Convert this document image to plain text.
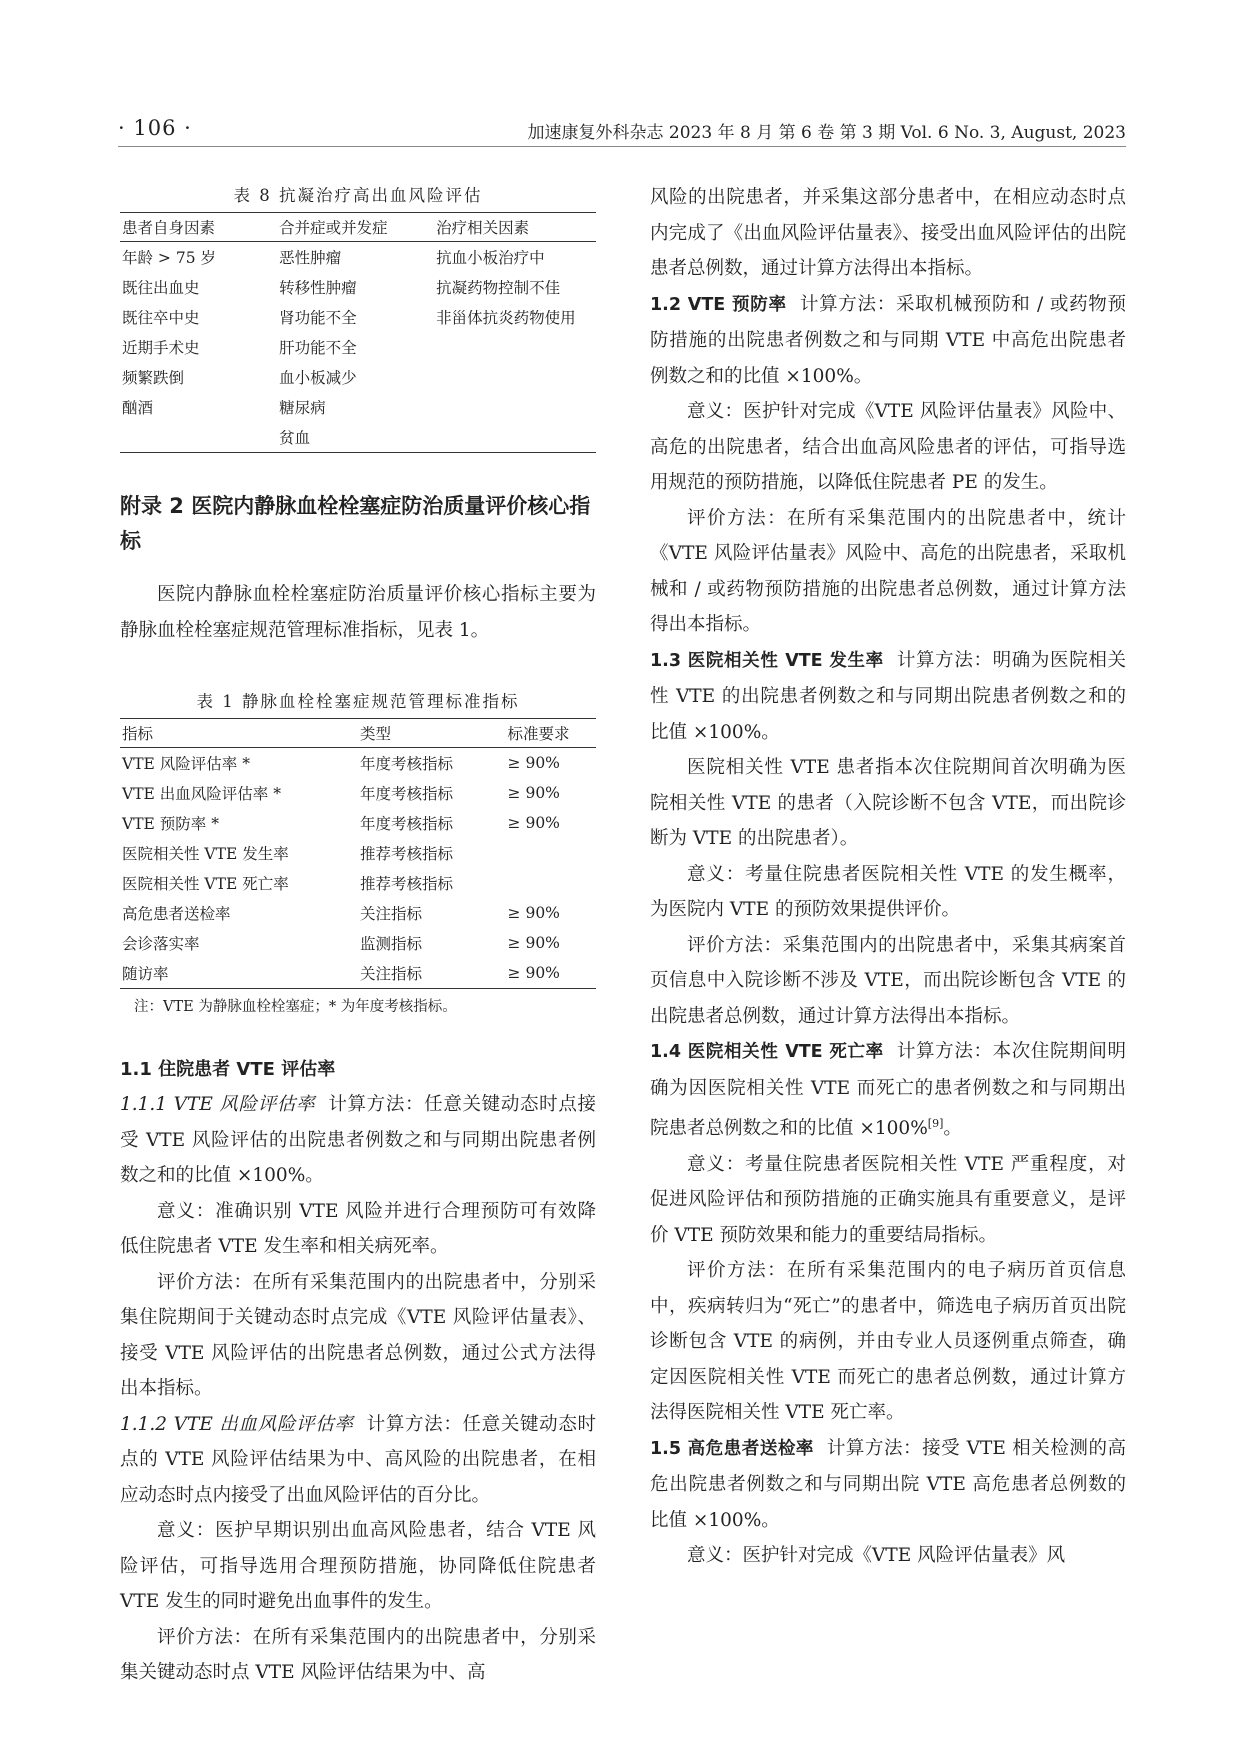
· 106 ·	加速康复外科杂志 2023 年 8 月 第 6 卷 第 3 期 Vol. 6 No. 3, August, 2023
表 8 抗凝治疗高出血风险评估
患者自身因素	合并症或并发症	治疗相关因素
年龄 > 75 岁	恶性肿瘤	抗血小板治疗中
既往出血史	转移性肿瘤	抗凝药物控制不佳
既往卒中史	肾功能不全	非甾体抗炎药物使用
近期手术史	肝功能不全	
频繁跌倒	血小板减少	
酗酒	糖尿病	
	贫血	
附录 2 医院内静脉血栓栓塞症防治质量评价核心指标

医院内静脉血栓栓塞症防治质量评价核心指标主要为静脉血栓栓塞症规范管理标准指标，见表 1。

表 1 静脉血栓栓塞症规范管理标准指标
指标	类型	标准要求
VTE 风险评估率 *	年度考核指标	≥ 90%
VTE 出血风险评估率 *	年度考核指标	≥ 90%
VTE 预防率 *	年度考核指标	≥ 90%
医院相关性 VTE 发生率	推荐考核指标	
医院相关性 VTE 死亡率	推荐考核指标	
高危患者送检率	关注指标	≥ 90%
会诊落实率	监测指标	≥ 90%
随访率	关注指标	≥ 90%
注：VTE 为静脉血栓栓塞症；* 为年度考核指标。
1.1 住院患者 VTE 评估率

1.1.1 VTE 风险评估率 计算方法：任意关键动态时点接受 VTE 风险评估的出院患者例数之和与同期出院患者例数之和的比值 ×100%。

意义：准确识别 VTE 风险并进行合理预防可有效降低住院患者 VTE 发生率和相关病死率。

评价方法：在所有采集范围内的出院患者中，分别采集住院期间于关键动态时点完成《VTE 风险评估量表》、接受 VTE 风险评估的出院患者总例数，通过公式方法得出本指标。

1.1.2 VTE 出血风险评估率 计算方法：任意关键动态时点的 VTE 风险评估结果为中、高风险的出院患者，在相应动态时点内接受了出血风险评估的百分比。

意义：医护早期识别出血高风险患者，结合 VTE 风险评估，可指导选用合理预防措施，协同降低住院患者 VTE 发生的同时避免出血事件的发生。

评价方法：在所有采集范围内的出院患者中，分别采集关键动态时点 VTE 风险评估结果为中、高

风险的出院患者，并采集这部分患者中，在相应动态时点内完成了《出血风险评估量表》、接受出血风险评估的出院患者总例数，通过计算方法得出本指标。

1.2 VTE 预防率 计算方法：采取机械预防和 / 或药物预防措施的出院患者例数之和与同期 VTE 中高危出院患者例数之和的比值 ×100%。

意义：医护针对完成《VTE 风险评估量表》风险中、高危的出院患者，结合出血高风险患者的评估，可指导选用规范的预防措施，以降低住院患者 PE 的发生。

评价方法：在所有采集范围内的出院患者中，统计《VTE 风险评估量表》风险中、高危的出院患者，采取机械和 / 或药物预防措施的出院患者总例数，通过计算方法得出本指标。

1.3 医院相关性 VTE 发生率 计算方法：明确为医院相关性 VTE 的出院患者例数之和与同期出院患者例数之和的比值 ×100%。

医院相关性 VTE 患者指本次住院期间首次明确为医院相关性 VTE 的患者（入院诊断不包含 VTE，而出院诊断为 VTE 的出院患者）。

意义：考量住院患者医院相关性 VTE 的发生概率，为医院内 VTE 的预防效果提供评价。

评价方法：采集范围内的出院患者中，采集其病案首页信息中入院诊断不涉及 VTE，而出院诊断包含 VTE 的出院患者总例数，通过计算方法得出本指标。

1.4 医院相关性 VTE 死亡率 计算方法：本次住院期间明确为因医院相关性 VTE 而死亡的患者例数之和与同期出院患者总例数之和的比值 ×100%[9]。

意义：考量住院患者医院相关性 VTE 严重程度，对促进风险评估和预防措施的正确实施具有重要意义，是评价 VTE 预防效果和能力的重要结局指标。

评价方法：在所有采集范围内的电子病历首页信息中，疾病转归为“死亡”的患者中，筛选电子病历首页出院诊断包含 VTE 的病例，并由专业人员逐例重点筛查，确定因医院相关性 VTE 而死亡的患者总例数，通过计算方法得医院相关性 VTE 死亡率。

1.5 高危患者送检率 计算方法：接受 VTE 相关检测的高危出院患者例数之和与同期出院 VTE 高危患者总例数的比值 ×100%。

意义：医护针对完成《VTE 风险评估量表》风
